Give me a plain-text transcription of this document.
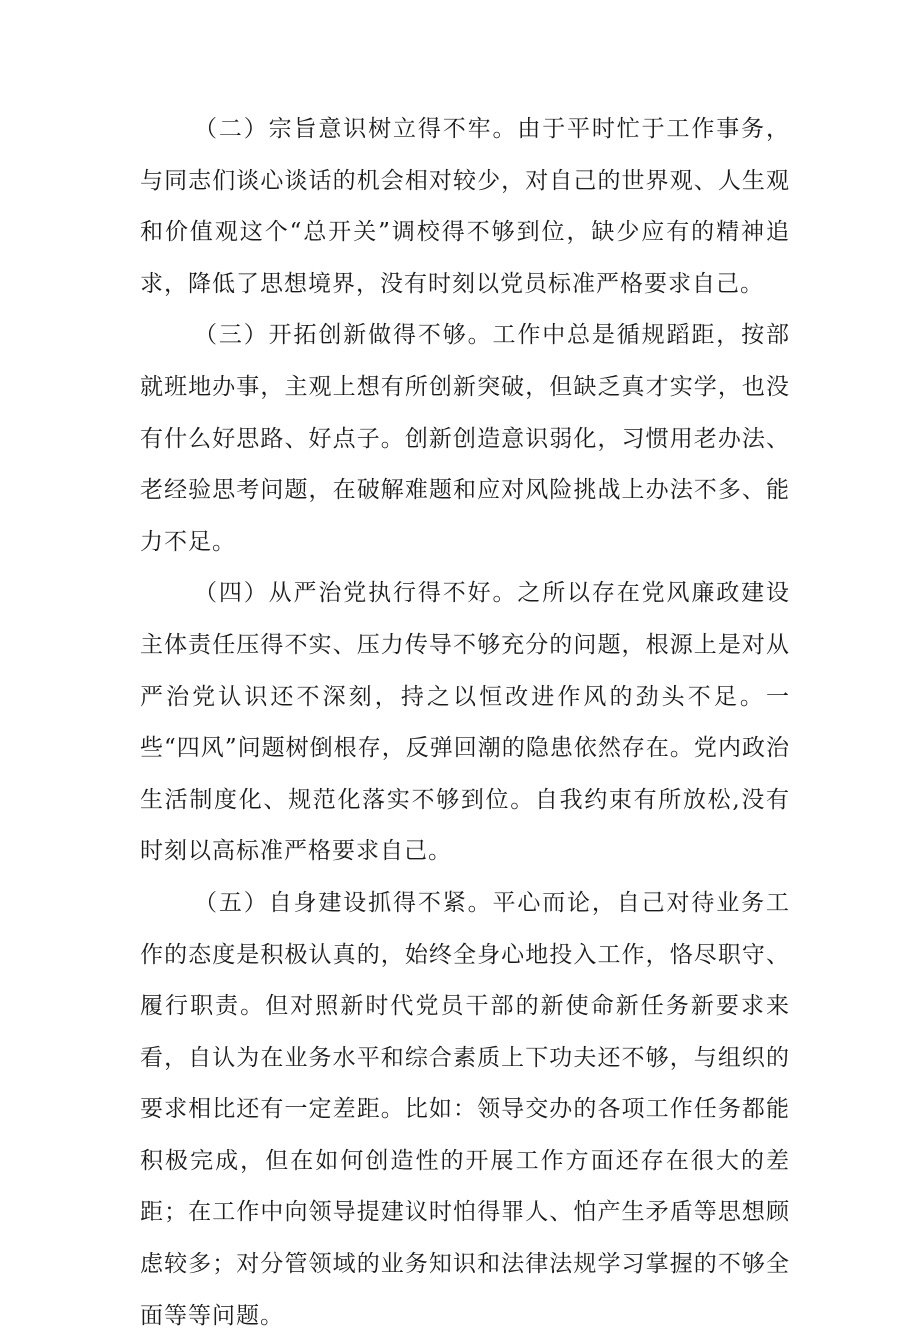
（二）宗旨意识树立得不牢。由于平时忙于工作事务，与同志们谈心谈话的机会相对较少，对自己的世界观、人生观和价值观这个“总开关”调校得不够到位，缺少应有的精神追求，降低了思想境界，没有时刻以党员标准严格要求自己。

（三）开拓创新做得不够。工作中总是循规蹈距，按部就班地办事，主观上想有所创新突破，但缺乏真才实学，也没有什么好思路、好点子。创新创造意识弱化，习惯用老办法、老经验思考问题，在破解难题和应对风险挑战上办法不多、能力不足。

（四）从严治党执行得不好。之所以存在党风廉政建设主体责任压得不实、压力传导不够充分的问题，根源上是对从严治党认识还不深刻，持之以恒改进作风的劲头不足。一些“四风”问题树倒根存，反弹回潮的隐患依然存在。党内政治生活制度化、规范化落实不够到位。自我约束有所放松,没有时刻以高标准严格要求自己。

（五）自身建设抓得不紧。平心而论，自己对待业务工作的态度是积极认真的，始终全身心地投入工作，恪尽职守、履行职责。但对照新时代党员干部的新使命新任务新要求来看，自认为在业务水平和综合素质上下功夫还不够，与组织的要求相比还有一定差距。比如：领导交办的各项工作任务都能积极完成，但在如何创造性的开展工作方面还存在很大的差距；在工作中向领导提建议时怕得罪人、怕产生矛盾等思想顾虑较多；对分管领域的业务知识和法律法规学习掌握的不够全面等等问题。
